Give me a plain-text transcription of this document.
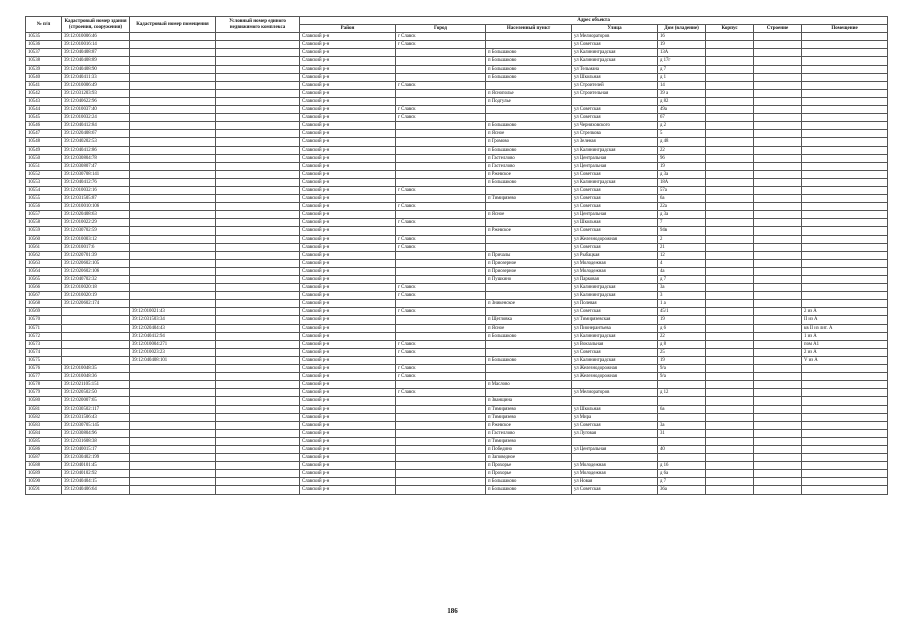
№ п/п	Кадастровый номер здания (строения, сооружения)	Кадастровый номер помещения	Условный номер единого недвижимого комплекса	Адрес объекта							
				Район	Город	Населенный пункт	Улица	Дом (владение)	Корпус	Строение	Помещение
10535	39:12:010006:46			Славский р-н	г Славск		ул Мелиораторов	16			
10536	39:12:010016:14			Славский р-н	г Славск		ул Советская	19			
10537	39:12:040408:87			Славский р-н		п Большаково	ул Калининградская	13А			
10538	39:12:040408:89			Славский р-н		п Большаково	ул Калининградская	д 17г			
10539	39:12:040408:90			Славский р-н		п Большаково	ул Тельмана	д 7			
10540	39:12:040411:33			Славский р-н		п Большаково	ул Школьная	д 1			
10541	39:12:010006:49			Славский р-н	г Славск		ул Строителей	14			
10542	39:12:031203:93			Славский р-н		п Яснополье	ул Строительная	39 а			
10543	39:12:040622:96			Славский р-н		п Подгулье		д 82			
10544	39:12:010037:40			Славский р-н	г Славск		ул Советская	49а			
10545	39:12:010032:24			Славский р-н	г Славск		ул Советская	67			
10546	39:12:040412:84			Славский р-н		п Большаково	ул Черняховского	д 2			
10547	39:12:020408:67			Славский р-н		п Ясное	ул Стрелкова	5			
10548	39:12:040202:53			Славский р-н		п Громово	ул Зеленая	д 48			
10549	39:12:040412:86			Славский р-н		п Большаково	ул Калининградская	22			
10550	39:12:030804:78			Славский р-н		п Гастеллово	ул Центральная	96			
10551	39:12:030807:47			Славский р-н		п Гастеллово	ул Центральная	19			
10552	39:12:030708:141			Славский р-н		п Ржевское	ул Советская	д 3а			
10553	39:12:040412:76			Славский р-н		п Большаково	ул Калининградская	18А			
10554	39:12:010032:16			Славский р-н	г Славск		ул Советская	57а			
10555	39:12:031505:87			Славский р-н		п Тимирязево	ул Советская	6а			
10556	39:12:010010:106			Славский р-н	г Славск		ул Советская	22а			
10557	39:12:020408:63			Славский р-н		п Ясное	ул Центральная	д 3а			
10558	39:12:010022:29			Славский р-н	г Славск		ул Школьная	7			
10559	39:12:030702:59			Славский р-н		п Ржевское	ул Советская	94в			
10560	39:12:010003:12			Славский р-н	г Славск		ул Железнодорожная	2			
10561	39:12:010017:6			Славский р-н	г Славск		ул Советская	21			
10562	39:12:020701:39			Славский р-н		п Причалы	ул Рыбацкая	12			
10563	39:12:020602:105			Славский р-н		п Приозерное	ул Молодежная	4			
10564	39:12:020602:106			Славский р-н		п Приозерное	ул Молодежная	4а			
10565	39:12:040702:32			Славский р-н		п Пушкино	ул Парковая	д 7			
10566	39:12:010020:18			Славский р-н	г Славск		ул Калининградская	3а			
10567	39:12:010020:19			Славский р-н	г Славск		ул Калининградская	3			
10568	39:12:020602:174			Славский р-н		п Зникенское	ул Полевая	1 а			
10569		39:12:010021:43		Славский р-н	г Славск		ул Советская	45/1			2 из А
10570		39:12:031503:34		Славский р-н		п Щегловка	ул Тимирязевская	19			II из А
10571		39:12:020404:43		Славский р-н		п Ясное	ул Пионерантьева	д 6			кв II из лит. А
10572		39:12:040412:94		Славский р-н		п Большаково	ул Калининградская	22			1 из А
10573		39:12:010004:271		Славский р-н	г Славск		ул Вокзальная	д 8			пом А1
10574		39:12:010023:23		Славский р-н	г Славск		ул Советская	25			2 из А
10575		39:12:040408:101		Славский р-н		п Большаково	ул Калининградская	19			V из А
10576	39:12:010048:35			Славский р-н	г Славск		ул Железнодорожная	9/а			
10577	39:12:010048:36			Славский р-н	г Славск		ул Железнодорожная	9/а			
10578	39:12:021105:151			Славский р-н		п Маслово					
10579	39:12:020502:50			Славский р-н	г Славск		ул Мелиораторов	д 12			
10580	39:12:020007:65			Славский р-н		п Званщина					
10581	39:12:030502:117			Славский р-н		п Тимирязево	ул Школьная	6а			
10582	39:12:031506:43			Славский р-н		п Тимирязево	ул Мира				
10583	39:12:030705:145			Славский р-н		п Ржевское	ул Советская	3а			
10584	39:12:030804:96			Славский р-н		п Гастеллово	ул Луговая	31			
10585	39:12:031608:38			Славский р-н		п Тимирязево					
10586	39:12:040015:17			Славский р-н		п Победино	ул Центральная	40			
10587	39:12:030402:199			Славский р-н		п Заповедное					
10588	39:12:040101:45			Славский р-н		п Прохорье	ул Молодежная	д 16			
10589	39:12:040102:92			Славский р-н		п Прохорье	ул Молодежная	д 6а			
10590	39:12:040404:15			Славский р-н		п Большаково	ул Новая	д 7			
10591	39:12:040406:64			Славский р-н		п Большаково	ул Советская	36а			
186
